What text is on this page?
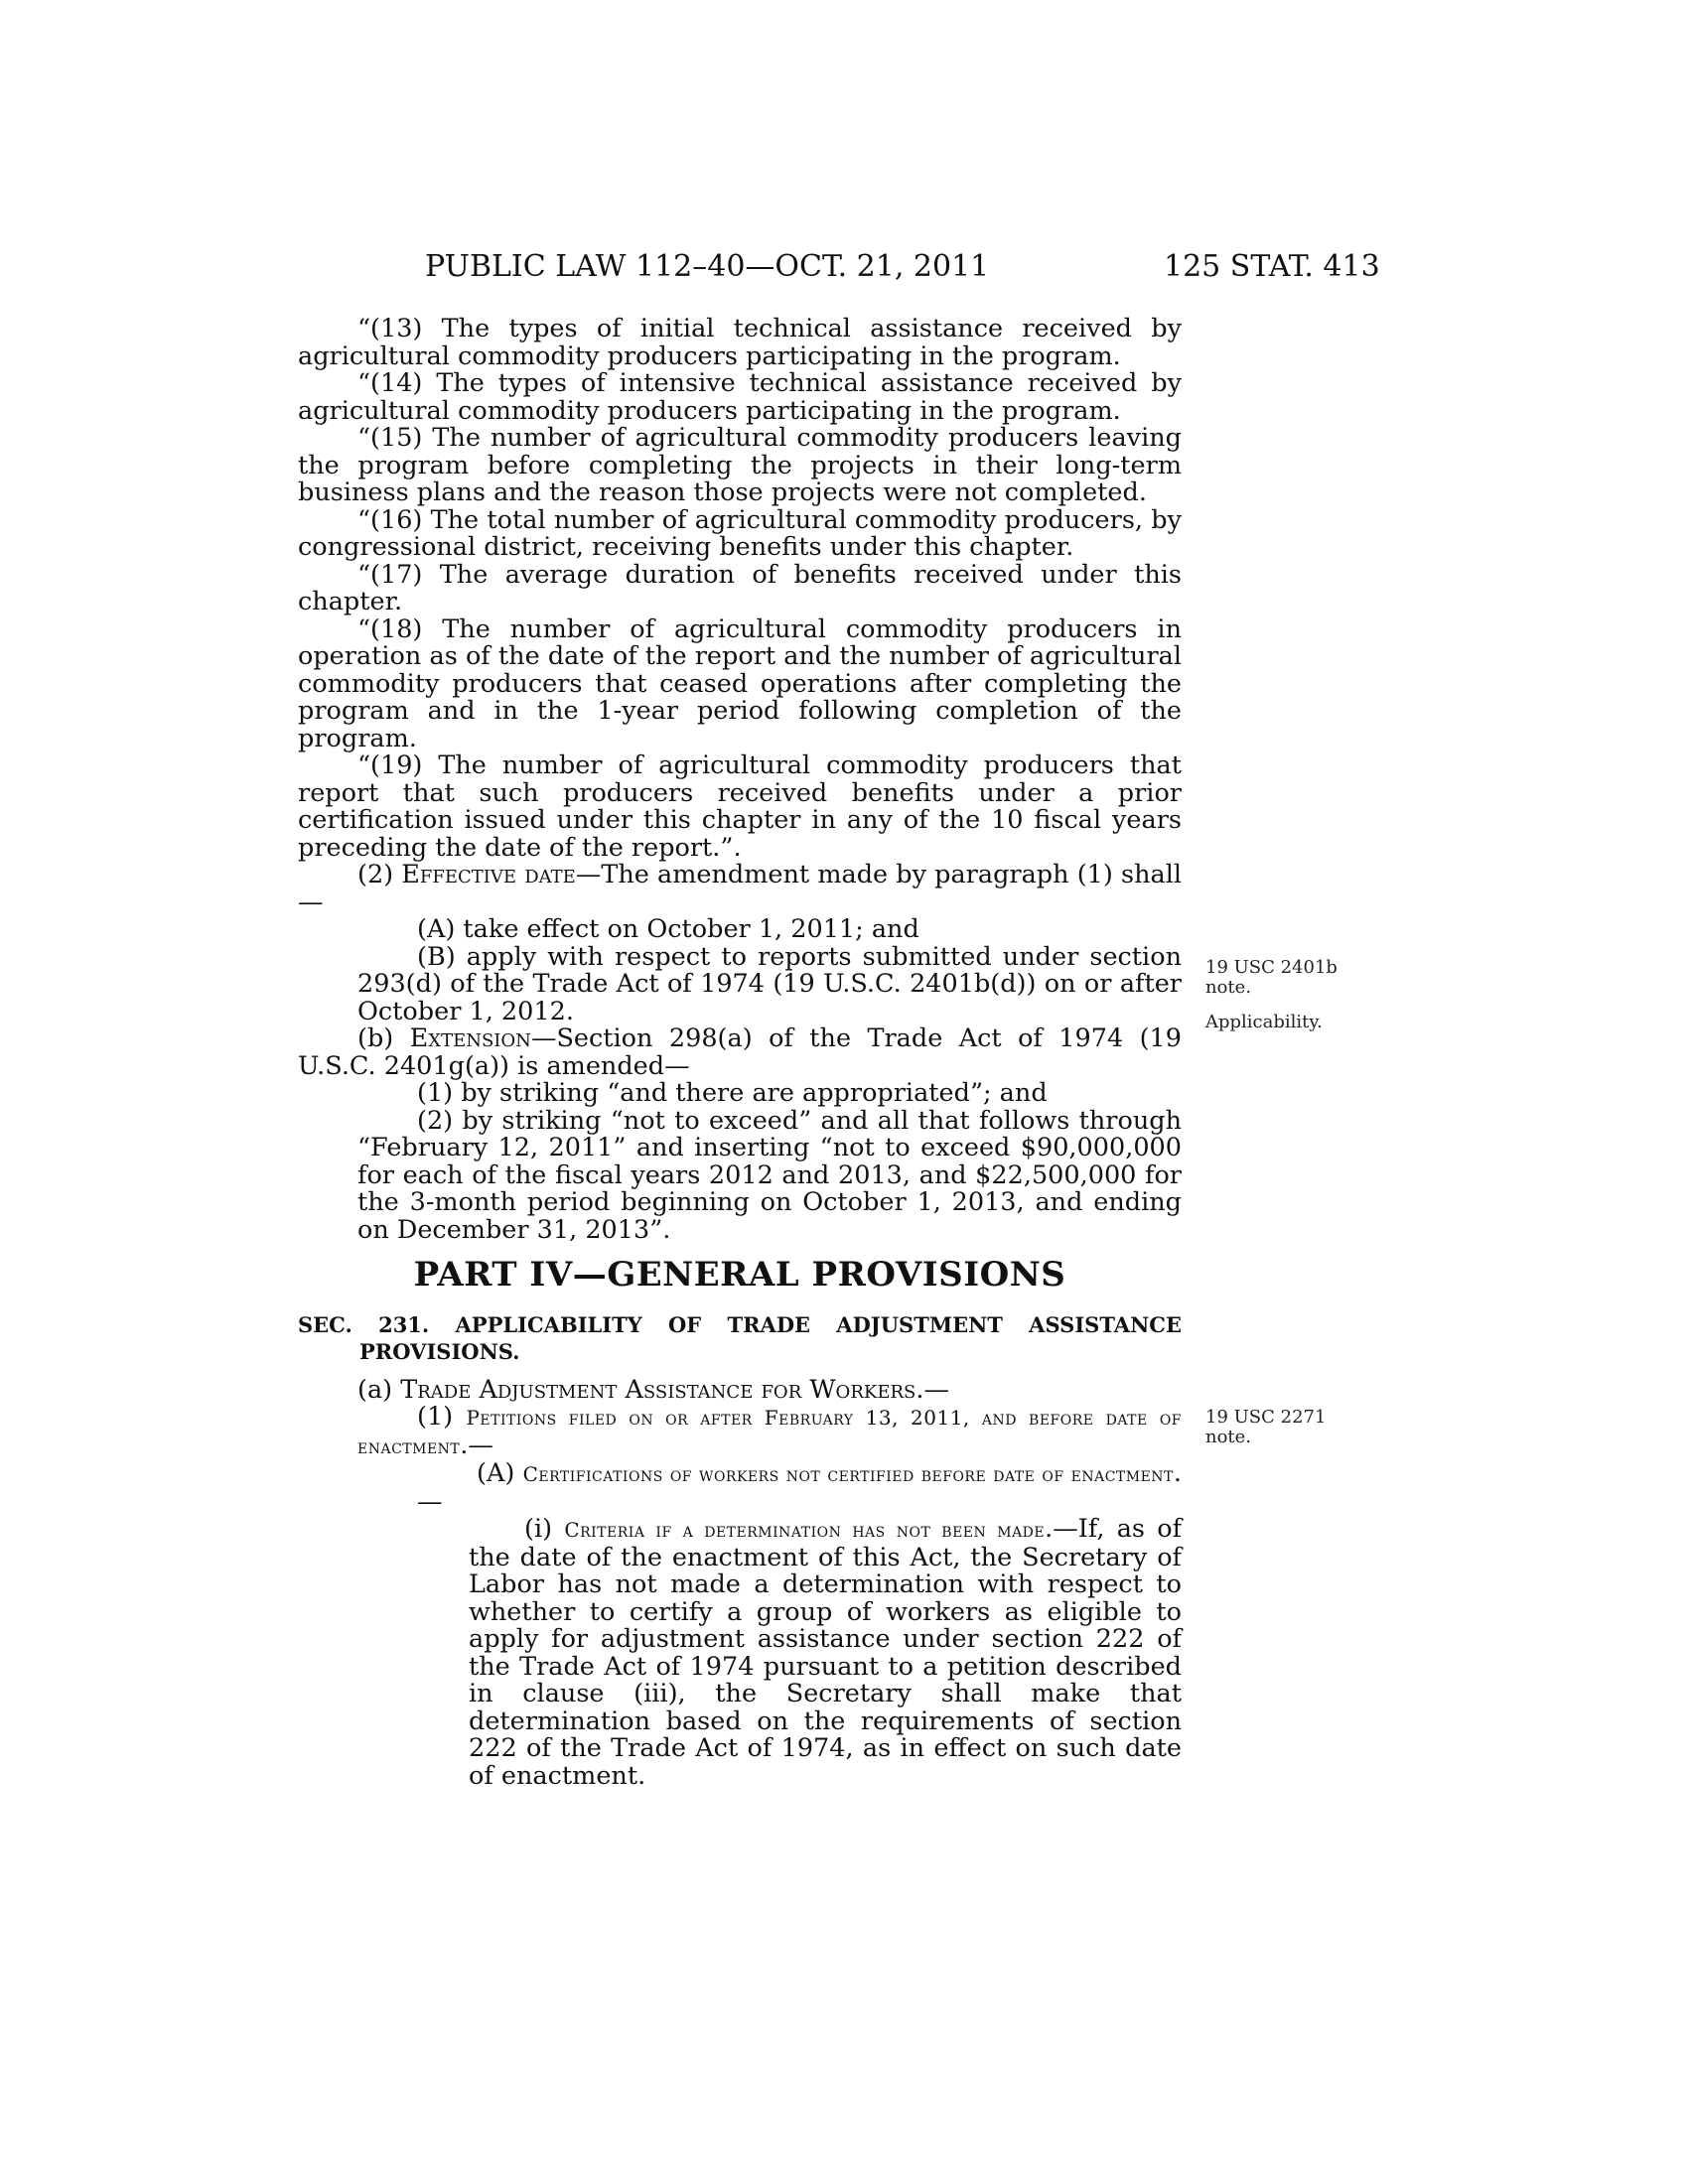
PUBLIC LAW 112–40—OCT. 21, 2011	125 STAT. 413

“(13) The types of initial technical assistance received by agricultural commodity producers participating in the program.

“(14) The types of intensive technical assistance received by agricultural commodity producers participating in the program.

“(15) The number of agricultural commodity producers leaving the program before completing the projects in their long-term business plans and the reason those projects were not completed.

“(16) The total number of agricultural commodity producers, by congressional district, receiving benefits under this chapter.

“(17) The average duration of benefits received under this chapter.

“(18) The number of agricultural commodity producers in operation as of the date of the report and the number of agricultural commodity producers that ceased operations after completing the program and in the 1-year period following completion of the program.

“(19) The number of agricultural commodity producers that report that such producers received benefits under a prior certification issued under this chapter in any of the 10 fiscal years preceding the date of the report.”.

(2) Effective date—The amendment made by paragraph (1) shall—

(A) take effect on October 1, 2011; and

(B) apply with respect to reports submitted under section 293(d) of the Trade Act of 1974 (19 U.S.C. 2401b(d)) on or after October 1, 2012.

(b) Extension—Section 298(a) of the Trade Act of 1974 (19 U.S.C. 2401g(a)) is amended—

(1) by striking “and there are appropriated”; and

(2) by striking “not to exceed” and all that follows through “February 12, 2011” and inserting “not to exceed $90,000,000 for each of the fiscal years 2012 and 2013, and $22,500,000 for the 3-month period beginning on October 1, 2013, and ending on December 31, 2013”.

PART IV—GENERAL PROVISIONS
SEC. 231. APPLICABILITY OF TRADE ADJUSTMENT ASSISTANCE PROVISIONS.

(a) Trade Adjustment Assistance for Workers.—

(1) Petitions filed on or after February 13, 2011, and before date of enactment.—

(A) Certifications of workers not certified before date of enactment.—

(i) Criteria if a determination has not been made.—If, as of the date of the enactment of this Act, the Secretary of Labor has not made a determination with respect to whether to certify a group of workers as eligible to apply for adjustment assistance under section 222 of the Trade Act of 1974 pursuant to a petition described in clause (iii), the Secretary shall make that determination based on the requirements of section 222 of the Trade Act of 1974, as in effect on such date of enactment.

19 USC 2401b
note.
Applicability.
19 USC 2271
note.
